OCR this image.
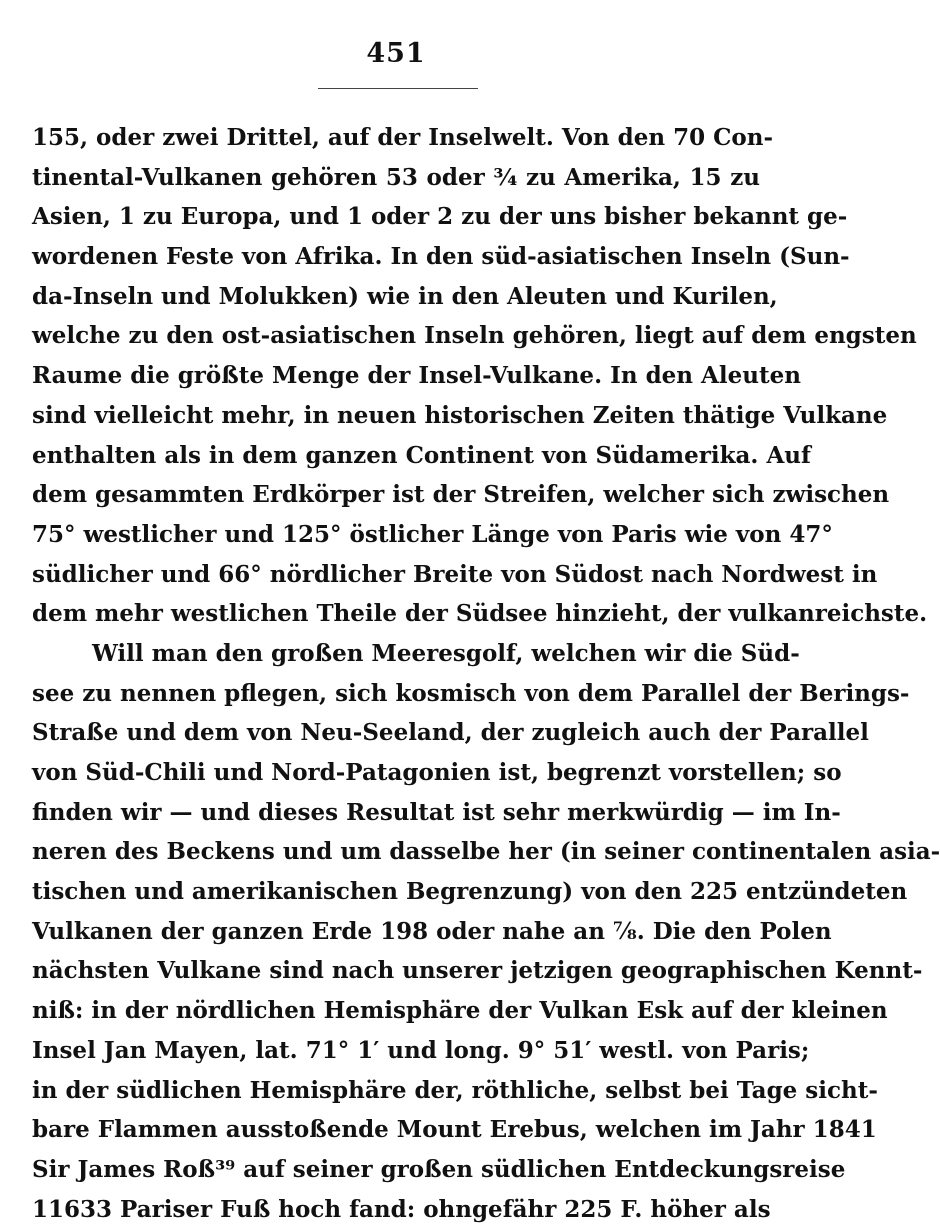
451
155, oder zwei Drittel, auf der Inselwelt. Von den 70 Con-
tinental-Vulkanen gehören 53 oder ¾ zu Amerika, 15 zu
Asien, 1 zu Europa, und 1 oder 2 zu der uns bisher bekannt ge-
wordenen Feste von Afrika. In den süd-asiatischen Inseln (Sun-
da-Inseln und Molukken) wie in den Aleuten und Kurilen,
welche zu den ost-asiatischen Inseln gehören, liegt auf dem engsten
Raume die größte Menge der Insel-Vulkane. In den Aleuten
sind vielleicht mehr, in neuen historischen Zeiten thätige Vulkane
enthalten als in dem ganzen Continent von Südamerika. Auf
dem gesammten Erdkörper ist der Streifen, welcher sich zwischen
75° westlicher und 125° östlicher Länge von Paris wie von 47°
südlicher und 66° nördlicher Breite von Südost nach Nordwest in
dem mehr westlichen Theile der Südsee hinzieht, der vulkanreichste.
Will man den großen Meeresgolf, welchen wir die Süd-
see zu nennen pflegen, sich kosmisch von dem Parallel der Berings-
Straße und dem von Neu-Seeland, der zugleich auch der Parallel
von Süd-Chili und Nord-Patagonien ist, begrenzt vorstellen; so
finden wir — und dieses Resultat ist sehr merkwürdig — im In-
neren des Beckens und um dasselbe her (in seiner continentalen asia-
tischen und amerikanischen Begrenzung) von den 225 entzündeten
Vulkanen der ganzen Erde 198 oder nahe an ⅞. Die den Polen
nächsten Vulkane sind nach unserer jetzigen geographischen Kennt-
niß: in der nördlichen Hemisphäre der Vulkan Esk auf der kleinen
Insel Jan Mayen, lat. 71° 1′ und long. 9° 51′ westl. von Paris;
in der südlichen Hemisphäre der, röthliche, selbst bei Tage sicht-
bare Flammen ausstoßende Mount Erebus, welchen im Jahr 1841
Sir James Roß³⁹ auf seiner großen südlichen Entdeckungsreise
11633 Pariser Fuß hoch fand: ohngefähr 225 F. höher als
